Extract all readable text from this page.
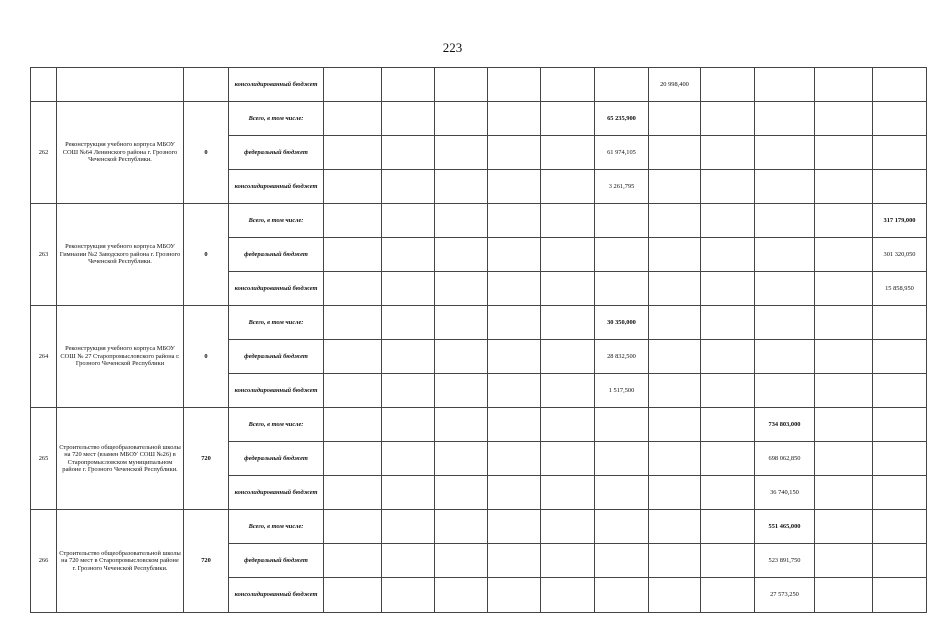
223
			консолидированный бюджет							20 998,400				
262	Реконструкция учебного корпуса МБОУ СОШ №64 Ленинского района г. Грозного Чеченской Республики.	0	Всего, в том числе:						65 235,900					
			федеральный бюджет						61 974,105					
			консолидированный бюджет						3 261,795					
263	Реконструкция учебного корпуса МБОУ Гимназии №2 Заводского района г. Грозного Чеченской Республики.	0	Всего, в том числе:											317 179,000
			федеральный бюджет											301 320,050
			консолидированный бюджет											15 858,950
264	Реконструкция учебного корпуса МБОУ СОШ № 27 Старопромысловского района г. Грозного Чеченской Республики	0	Всего, в том числе:						30 350,000					
			федеральный бюджет						28 832,500					
			консолидированный бюджет						1 517,500					
265	Строительство общеобразовательной школы на 720 мест (взамен МБОУ СОШ №26) в Старопромысловском муниципальном районе г. Грозного Чеченской Республики.	720	Всего, в том числе:									734 803,000		
			федеральный бюджет									698 062,850		
			консолидированный бюджет									36 740,150		
266	Строительство общеобразовательной школы на 720 мест в Старопромысловском районе г. Грозного Чеченской Республики.	720	Всего, в том числе:									551 465,000		
			федеральный бюджет									523 891,750		
			консолидированный бюджет									27 573,250		
